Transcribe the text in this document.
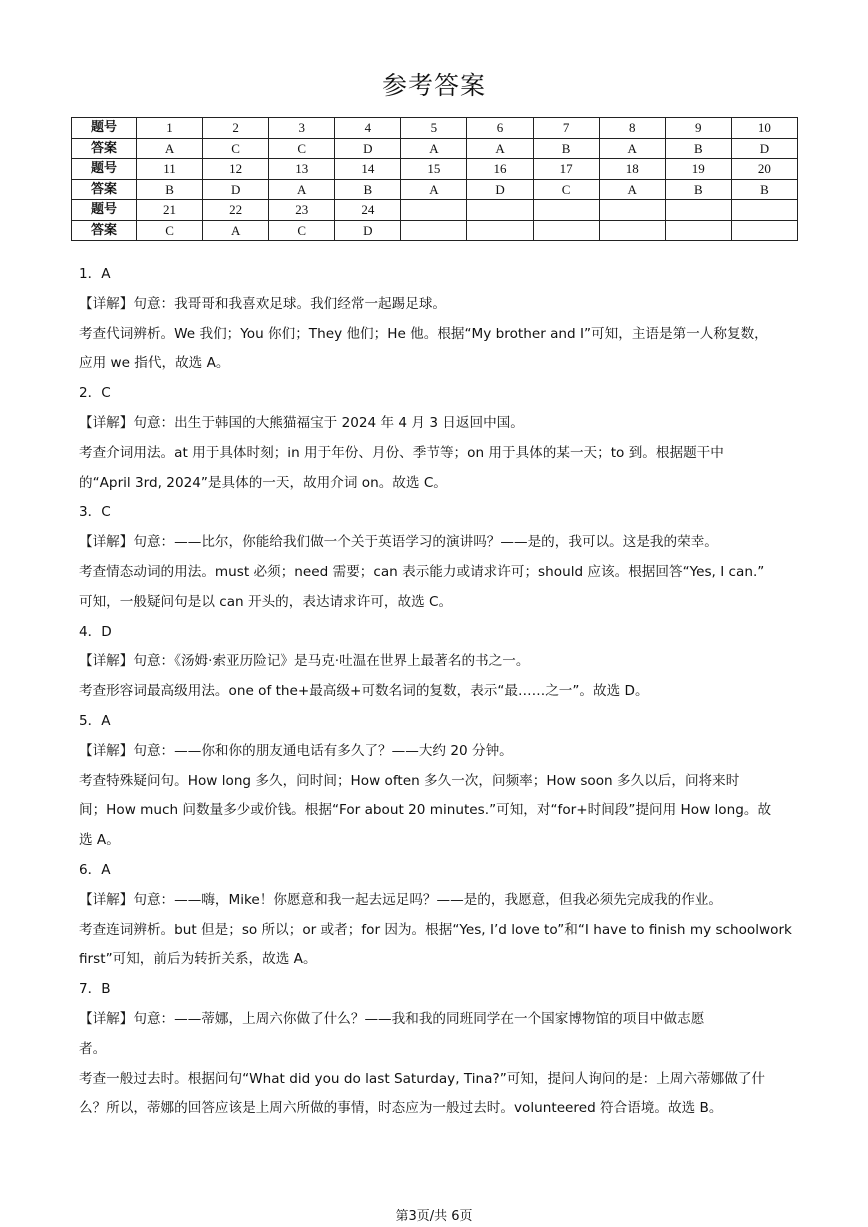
参考答案
题号	1	2	3	4	5	6	7	8	9	10
答案	A	C	C	D	A	A	B	A	B	D
题号	11	12	13	14	15	16	17	18	19	20
答案	B	D	A	B	A	D	C	A	B	B
题号	21	22	23	24						
答案	C	A	C	D						

1．A

【详解】句意：我哥哥和我喜欢足球。我们经常一起踢足球。

考查代词辨析。We 我们；You 你们；They 他们；He 他。根据“My brother and I”可知，主语是第一人称复数，

应用 we 指代，故选 A。

2．C

【详解】句意：出生于韩国的大熊猫福宝于 2024 年 4 月 3 日返回中国。

考查介词用法。at 用于具体时刻；in 用于年份、月份、季节等；on 用于具体的某一天；to 到。根据题干中

的“April 3rd, 2024”是具体的一天，故用介词 on。故选 C。

3．C

【详解】句意：——比尔，你能给我们做一个关于英语学习的演讲吗？——是的，我可以。这是我的荣幸。

考查情态动词的用法。must 必须；need 需要；can 表示能力或请求许可；should 应该。根据回答“Yes, I can.”

可知，一般疑问句是以 can 开头的，表达请求许可，故选 C。

4．D

【详解】句意：《汤姆·索亚历险记》是马克·吐温在世界上最著名的书之一。

考查形容词最高级用法。one of the+最高级+可数名词的复数，表示“最……之一”。故选 D。

5．A

【详解】句意：——你和你的朋友通电话有多久了？——大约 20 分钟。

考查特殊疑问句。How long 多久，问时间；How often 多久一次，问频率；How soon 多久以后，问将来时

间；How much 问数量多少或价钱。根据“For about 20 minutes.”可知，对“for+时间段”提问用 How long。故

选 A。

6．A

【详解】句意：——嗨，Mike！你愿意和我一起去远足吗？——是的，我愿意，但我必须先完成我的作业。

考查连词辨析。but 但是；so 所以；or 或者；for 因为。根据“Yes, I’d love to”和“I have to finish my schoolwork

first”可知，前后为转折关系，故选 A。

7．B

【详解】句意：——蒂娜，上周六你做了什么？——我和我的同班同学在一个国家博物馆的项目中做志愿

者。

考查一般过去时。根据问句“What did you do last Saturday, Tina?”可知，提问人询问的是：上周六蒂娜做了什

么？所以，蒂娜的回答应该是上周六所做的事情，时态应为一般过去时。volunteered 符合语境。故选 B。

第3页/共 6页
